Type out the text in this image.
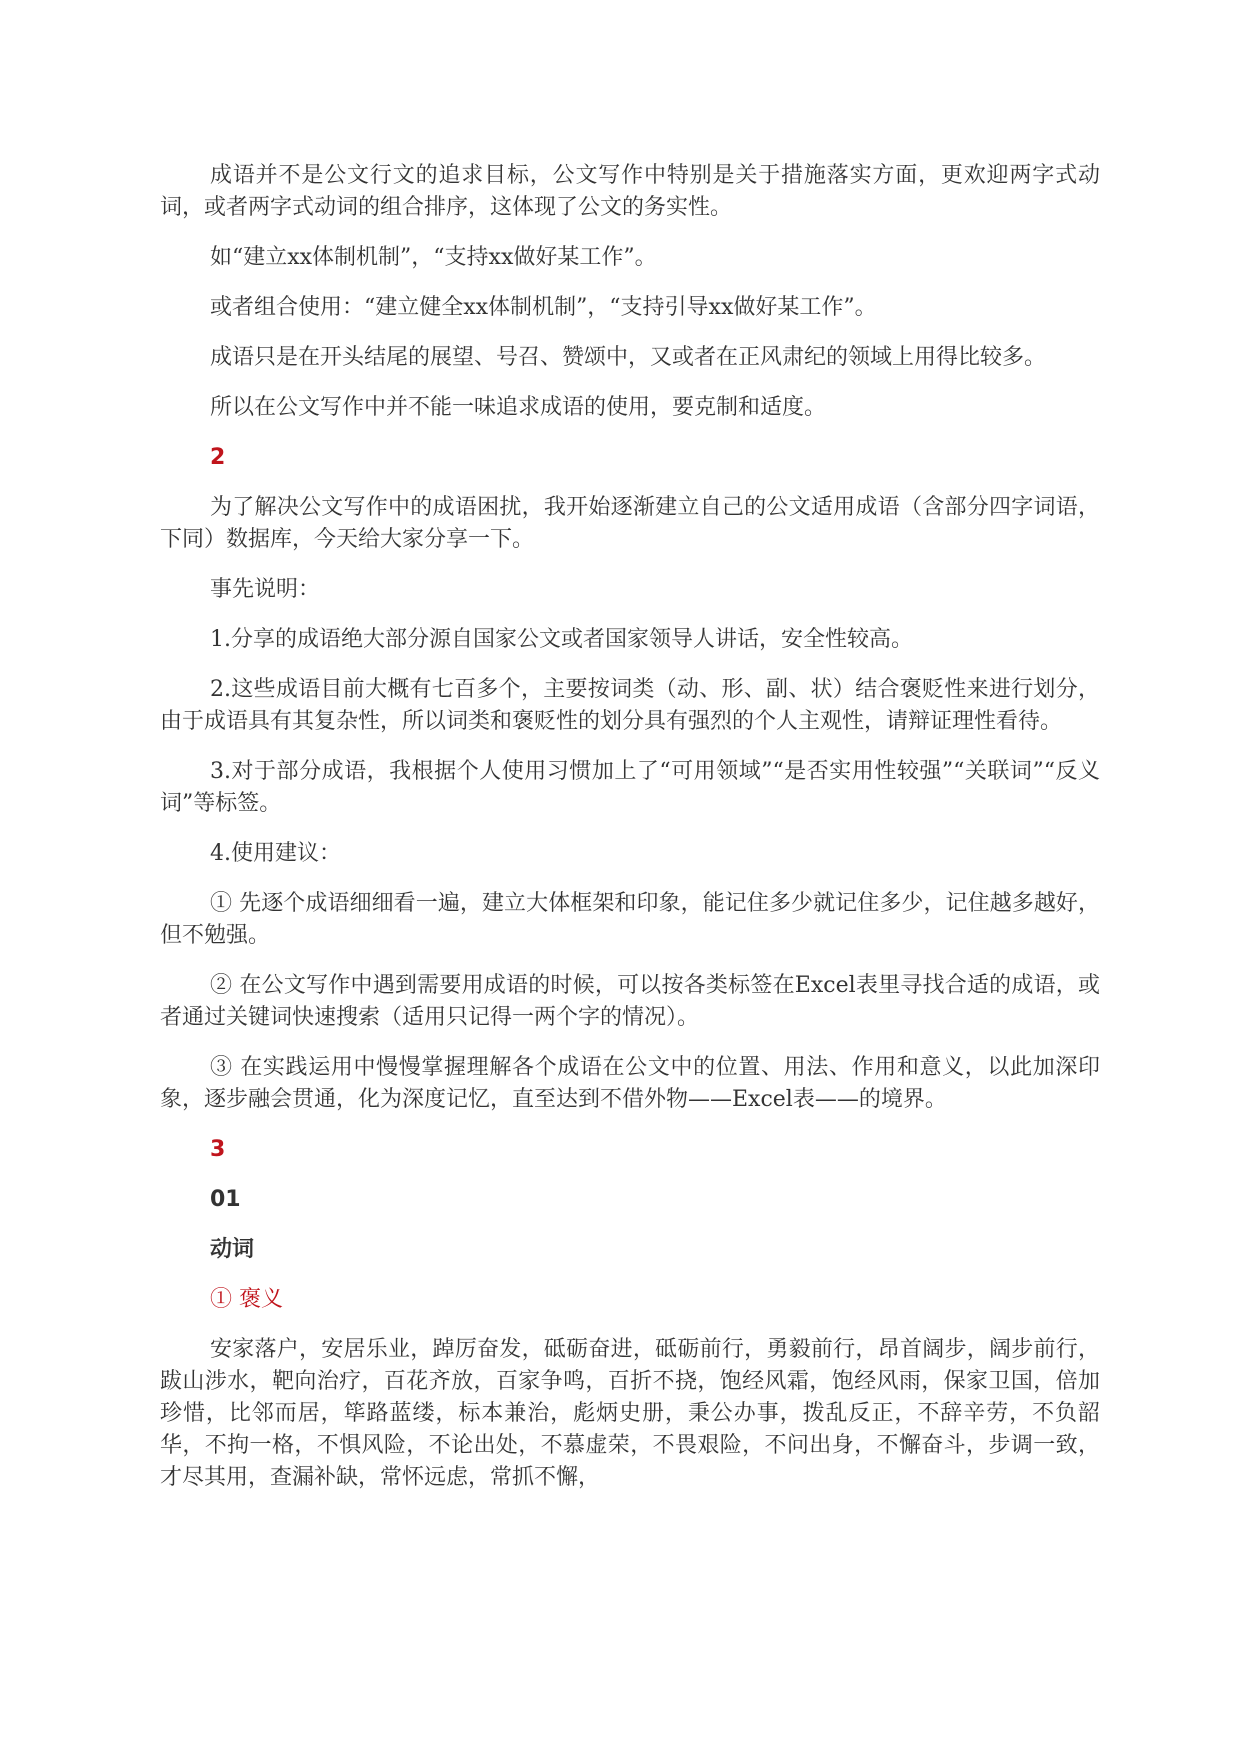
成语并不是公文行文的追求目标，公文写作中特别是关于措施落实方面，更欢迎两字式动词，或者两字式动词的组合排序，这体现了公文的务实性。

如“建立xx体制机制”，“支持xx做好某工作”。

或者组合使用：“建立健全xx体制机制”，“支持引导xx做好某工作”。

成语只是在开头结尾的展望、号召、赞颂中，又或者在正风肃纪的领域上用得比较多。

所以在公文写作中并不能一味追求成语的使用，要克制和适度。

2

为了解决公文写作中的成语困扰，我开始逐渐建立自己的公文适用成语（含部分四字词语，下同）数据库，今天给大家分享一下。

事先说明：

1.分享的成语绝大部分源自国家公文或者国家领导人讲话，安全性较高。

2.这些成语目前大概有七百多个，主要按词类（动、形、副、状）结合褒贬性来进行划分，由于成语具有其复杂性，所以词类和褒贬性的划分具有强烈的个人主观性，请辩证理性看待。

3.对于部分成语，我根据个人使用习惯加上了“可用领域”“是否实用性较强”“关联词”“反义词”等标签。

4.使用建议：

① 先逐个成语细细看一遍，建立大体框架和印象，能记住多少就记住多少，记住越多越好，但不勉强。

② 在公文写作中遇到需要用成语的时候，可以按各类标签在Excel表里寻找合适的成语，或者通过关键词快速搜索（适用只记得一两个字的情况）。

③ 在实践运用中慢慢掌握理解各个成语在公文中的位置、用法、作用和意义，以此加深印象，逐步融会贯通，化为深度记忆，直至达到不借外物——Excel表——的境界。

3
01
动词
① 褒义

安家落户，安居乐业，踔厉奋发，砥砺奋进，砥砺前行，勇毅前行，昂首阔步，阔步前行，跋山涉水，靶向治疗，百花齐放，百家争鸣，百折不挠，饱经风霜，饱经风雨，保家卫国，倍加珍惜，比邻而居，筚路蓝缕，标本兼治，彪炳史册，秉公办事，拨乱反正，不辞辛劳，不负韶华，不拘一格，不惧风险，不论出处，不慕虚荣，不畏艰险，不问出身，不懈奋斗，步调一致，才尽其用，查漏补缺，常怀远虑，常抓不懈，
